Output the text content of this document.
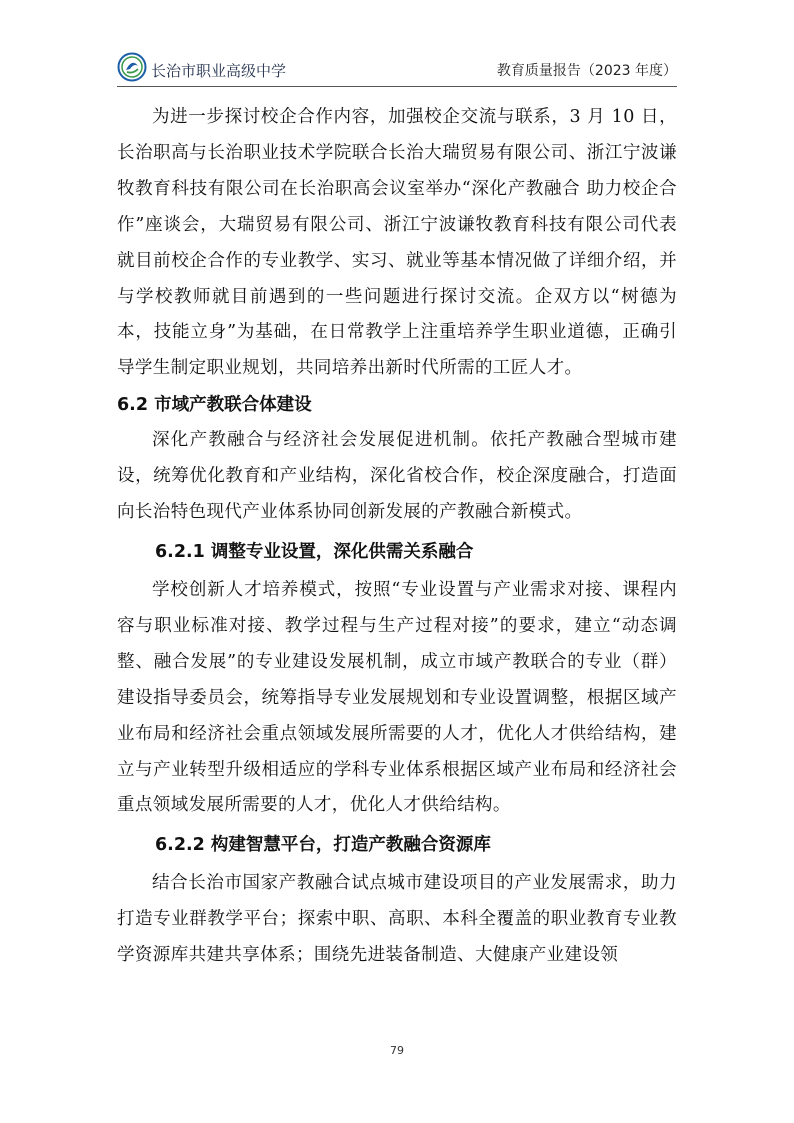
长治市职业高级中学	教育质量报告（2023 年度）

为进一步探讨校企合作内容，加强校企交流与联系，3 月 10 日，长治职高与长治职业技术学院联合长治大瑞贸易有限公司、浙江宁波谦牧教育科技有限公司在长治职高会议室举办“深化产教融合 助力校企合作”座谈会，大瑞贸易有限公司、浙江宁波谦牧教育科技有限公司代表就目前校企合作的专业教学、实习、就业等基本情况做了详细介绍，并与学校教师就目前遇到的一些问题进行探讨交流。企双方以“树德为本，技能立身”为基础，在日常教学上注重培养学生职业道德，正确引导学生制定职业规划，共同培养出新时代所需的工匠人才。

6.2 市域产教联合体建设

深化产教融合与经济社会发展促进机制。依托产教融合型城市建设，统筹优化教育和产业结构，深化省校合作，校企深度融合，打造面向长治特色现代产业体系协同创新发展的产教融合新模式。

6.2.1 调整专业设置，深化供需关系融合

学校创新人才培养模式，按照“专业设置与产业需求对接、课程内容与职业标准对接、教学过程与生产过程对接”的要求，建立“动态调整、融合发展”的专业建设发展机制，成立市域产教联合的专业（群）建设指导委员会，统筹指导专业发展规划和专业设置调整，根据区域产业布局和经济社会重点领域发展所需要的人才，优化人才供给结构，建立与产业转型升级相适应的学科专业体系根据区域产业布局和经济社会重点领域发展所需要的人才，优化人才供给结构。

6.2.2 构建智慧平台，打造产教融合资源库

结合长治市国家产教融合试点城市建设项目的产业发展需求，助力打造专业群教学平台；探索中职、高职、本科全覆盖的职业教育专业教学资源库共建共享体系；围绕先进装备制造、大健康产业建设领

79
